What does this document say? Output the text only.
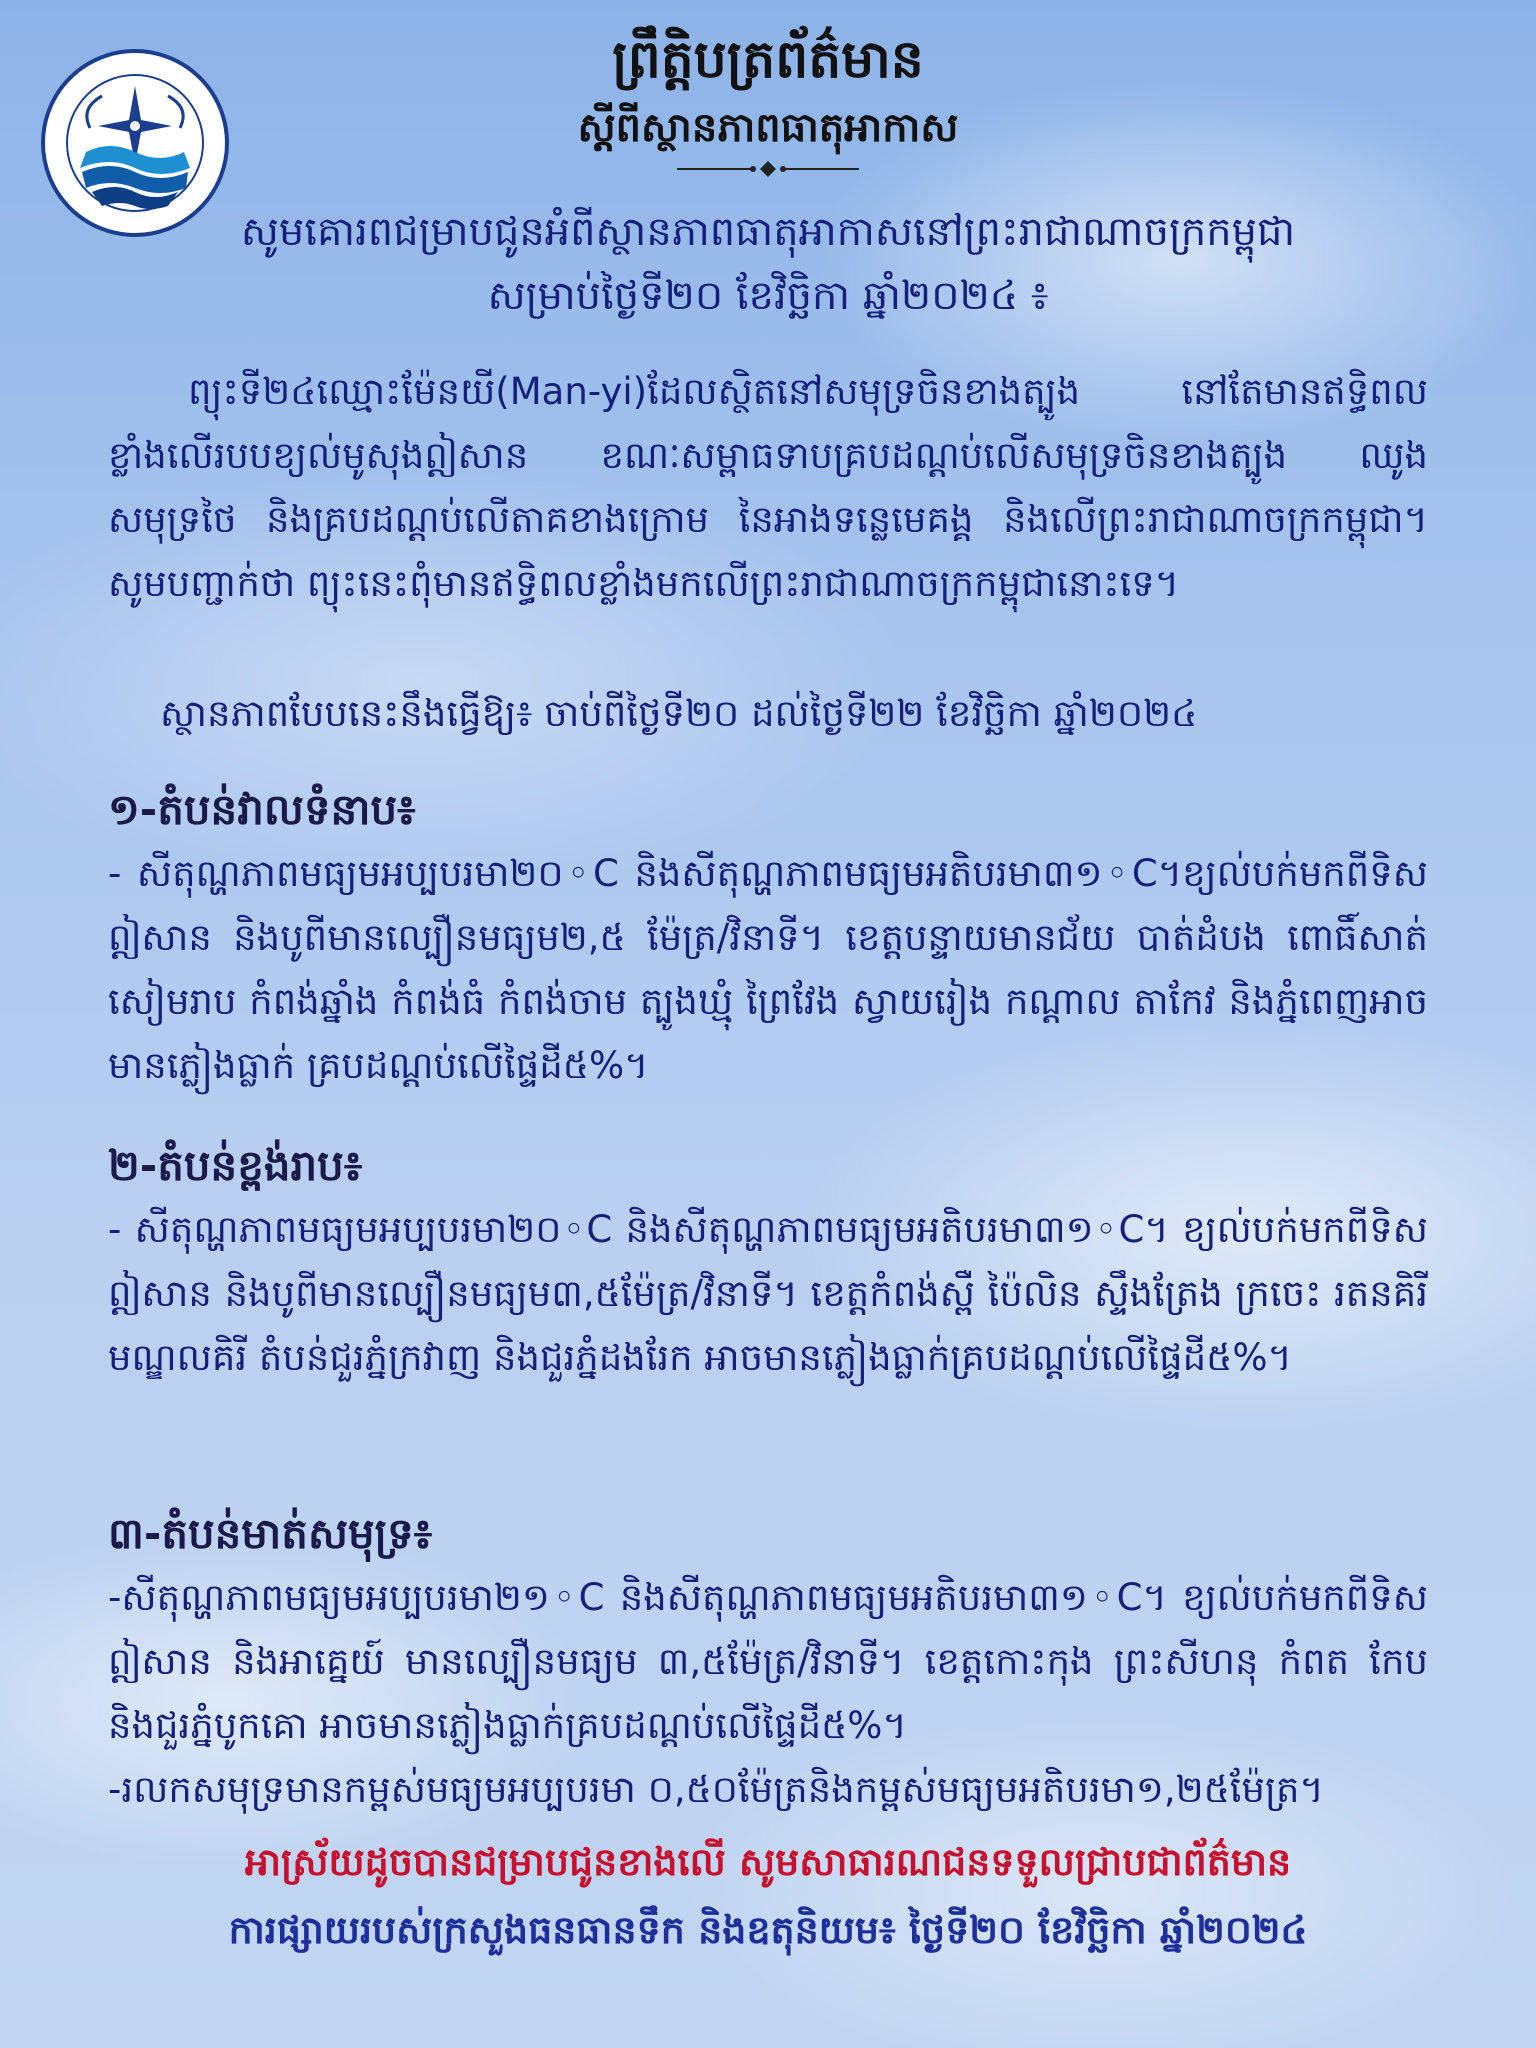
ព្រឹត្តិបត្រព័ត៌មាន
ស្តីពីស្ថានភាពធាតុអាកាស
សូមគោរពជម្រាបជូនអំពីស្ថានភាពធាតុអាកាសនៅព្រះរាជាណាចក្រកម្ពុជា
សម្រាប់ថ្ងៃទី២០ ខែវិច្ឆិកា ឆ្នាំ២០២៤ ៖

ព្យុះទី២៤ឈ្មោះម៉ែនយី(Man-yi)ដែលស្ថិតនៅសមុទ្រចិនខាងត្បូង នៅតែមានឥទ្ធិពលខ្លាំងលើរបបខ្យល់មូសុងឦសាន ខណៈសម្ពាធទាបគ្របដណ្តប់លើសមុទ្រចិនខាងត្បូង ឈូងសមុទ្រថៃ និងគ្របដណ្តប់លើតាគខាងក្រោម នៃអាងទន្លេមេគង្គ និងលើព្រះរាជាណាចក្រកម្ពុជា។ សូមបញ្ជាក់ថា ព្យុះនេះពុំមានឥទ្ធិពលខ្លាំងមកលើព្រះរាជាណាចក្រកម្ពុជានោះទេ។

ស្ថានភាពបែបនេះនឹងធ្វើឱ្យ៖ ចាប់ពីថ្ងៃទី២០ ដល់ថ្ងៃទី២២ ខែវិច្ឆិកា ឆ្នាំ២០២៤

១-តំបន់វាលទំនាប៖

- សីតុណ្ហភាពមធ្យមអប្បបរមា២០◦C និងសីតុណ្ហភាពមធ្យមអតិបរមា៣១◦C។ខ្យល់បក់មកពីទិសឦសាន និងបូពីមានល្បឿនមធ្យម២,៥ ម៉ែត្រ/វិនាទី។ ខេត្តបន្ទាយមានជ័យ បាត់ដំបង ពោធិ៍សាត់ សៀមរាប កំពង់ឆ្នាំង កំពង់ធំ កំពង់ចាម ត្បូងឃ្មុំ ព្រៃវែង ស្វាយរៀង កណ្តាល តាកែវ និងភ្នំពេញអាចមានភ្លៀងធ្លាក់ គ្របដណ្តប់លើផ្ទៃដី៥%។

២-តំបន់ខ្ពង់រាប៖

- សីតុណ្ហភាពមធ្យមអប្បបរមា២០◦C និងសីតុណ្ហភាពមធ្យមអតិបរមា៣១◦C។ ខ្យល់បក់មកពីទិសឦសាន និងបូពីមានល្បឿនមធ្យម៣,៥ម៉ែត្រ/វិនាទី។ ខេត្តកំពង់ស្ពឺ ប៉ៃលិន ស្ទឹងត្រែង ក្រចេះ រតនគិរី មណ្ឌលគិរី តំបន់ជួរភ្នំក្រវាញ និងជួរភ្នំដងរែក អាចមានភ្លៀងធ្លាក់គ្របដណ្តប់លើផ្ទៃដី៥%។

៣-តំបន់មាត់សមុទ្រ៖

-សីតុណ្ហភាពមធ្យមអប្បបរមា២១◦C និងសីតុណ្ហភាពមធ្យមអតិបរមា៣១◦C។ ខ្យល់បក់មកពីទិសឦសាន និងអាគ្នេយ៍ មានល្បឿនមធ្យម ៣,៥ម៉ែត្រ/វិនាទី។ ខេត្តកោះកុង ព្រះសីហនុ កំពត កែប និងជួរភ្នំបូកគោ អាចមានភ្លៀងធ្លាក់គ្របដណ្តប់លើផ្ទៃដី៥%។

-រលកសមុទ្រមានកម្ពស់មធ្យមអប្បបរមា ០,៥០ម៉ែត្រនិងកម្ពស់មធ្យមអតិបរមា១,២៥ម៉ែត្រ។

អាស្រ័យដូចបានជម្រាបជូនខាងលើ សូមសាធារណជនទទួលជ្រាបជាព័ត៌មាន
ការផ្សាយរបស់ក្រសួងធនធានទឹក និងឧតុនិយម៖ ថ្ងៃទី២០ ខែវិច្ឆិកា ឆ្នាំ២០២៤
